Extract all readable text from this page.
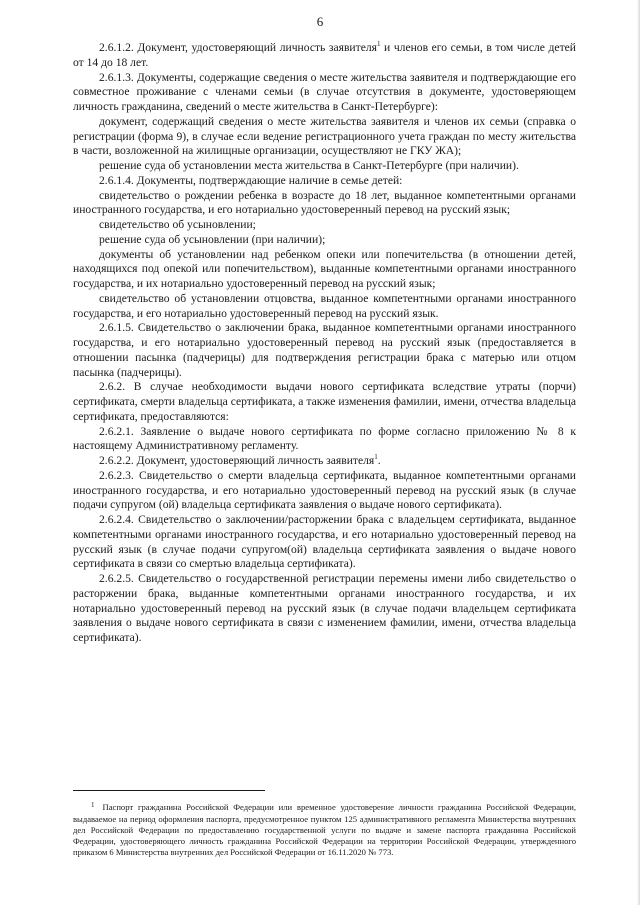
6

2.6.1.2. Документ, удостоверяющий личность заявителя$^1$ и членов его семьи, в том числе детей от 14 до 18 лет.

2.6.1.3. Документы, содержащие сведения о месте жительства заявителя и подтверждающие его совместное проживание с членами семьи (в случае отсутствия в документе, удостоверяющем личность гражданина, сведений о месте жительства в Санкт-Петербурге):

документ, содержащий сведения о месте жительства заявителя и членов их семьи (справка о регистрации (форма 9), в случае если ведение регистрационного учета граждан по месту жительства в части, возложенной на жилищные организации, осуществляют не ГКУ ЖА);

решение суда об установлении места жительства в Санкт-Петербурге (при наличии).

2.6.1.4. Документы, подтверждающие наличие в семье детей:

свидетельство о рождении ребенка в возрасте до 18 лет, выданное компетентными органами иностранного государства, и его нотариально удостоверенный перевод на русский язык;

свидетельство об усыновлении;

решение суда об усыновлении (при наличии);

документы об установлении над ребенком опеки или попечительства (в отношении детей, находящихся под опекой или попечительством), выданные компетентными органами иностранного государства, и их нотариально удостоверенный перевод на русский язык;

свидетельство об установлении отцовства, выданное компетентными органами иностранного государства, и его нотариально удостоверенный перевод на русский язык.

2.6.1.5. Свидетельство о заключении брака, выданное компетентными органами иностранного государства, и его нотариально удостоверенный перевод на русский язык (предоставляется в отношении пасынка (падчерицы) для подтверждения регистрации брака с матерью или отцом пасынка (падчерицы).

2.6.2. В случае необходимости выдачи нового сертификата вследствие утраты (порчи) сертификата, смерти владельца сертификата, а также изменения фамилии, имени, отчества владельца сертификата, предоставляются:

2.6.2.1. Заявление о выдаче нового сертификата по форме согласно приложению № 8 к настоящему Административному регламенту.

2.6.2.2. Документ, удостоверяющий личность заявителя$^1$.

2.6.2.3. Свидетельство о смерти владельца сертификата, выданное компетентными органами иностранного государства, и его нотариально удостоверенный перевод на русский язык (в случае подачи супругом (ой) владельца сертификата заявления о выдаче нового сертификата).

2.6.2.4. Свидетельство о заключении/расторжении брака с владельцем сертификата, выданное компетентными органами иностранного государства, и его нотариально удостоверенный перевод на русский язык (в случае подачи супругом(ой) владельца сертификата заявления о выдаче нового сертификата в связи со смертью владельца сертификата).

2.6.2.5. Свидетельство о государственной регистрации перемены имени либо свидетельство о расторжении брака, выданные компетентными органами иностранного государства, и их нотариально удостоверенный перевод на русский язык (в случае подачи владельцем сертификата заявления о выдаче нового сертификата в связи с изменением фамилии, имени, отчества владельца сертификата).

$^1$ Паспорт гражданина Российской Федерации или временное удостоверение личности гражданина Российской Федерации, выдаваемое на период оформления паспорта, предусмотренное пунктом 125 административного регламента Министерства внутренних дел Российской Федерации по предоставлению государственной услуги по выдаче и замене паспорта гражданина Российской Федерации, удостоверяющего личность гражданина Российской Федерации на территории Российской Федерации, утвержденного приказом 6 Министерства внутренних дел Российской Федерации от 16.11.2020 № 773.
